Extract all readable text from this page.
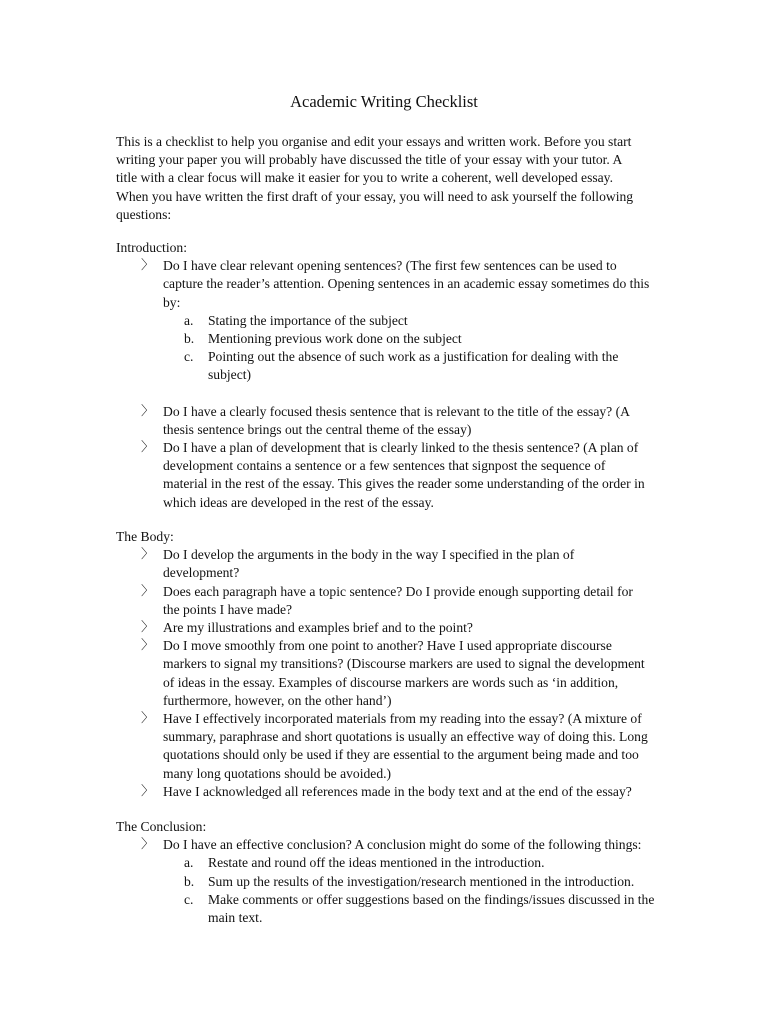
Academic Writing Checklist
This is a checklist to help you organise and edit your essays and written work. Before you start
writing your paper you will probably have discussed the title of your essay with your tutor. A
title with a clear focus will make it easier for you to write a coherent, well developed essay.
When you have written the first draft of your essay, you will need to ask yourself the following
questions:
Introduction:
〉 Do I have clear relevant opening sentences? (The first few sentences can be used to
capture the reader’s attention. Opening sentences in an academic essay sometimes do this
by:
a. Stating the importance of the subject
b. Mentioning previous work done on the subject
c. Pointing out the absence of such work as a justification for dealing with the
subject)
〉 Do I have a clearly focused thesis sentence that is relevant to the title of the essay? (A
thesis sentence brings out the central theme of the essay)
〉 Do I have a plan of development that is clearly linked to the thesis sentence? (A plan of
development contains a sentence or a few sentences that signpost the sequence of
material in the rest of the essay. This gives the reader some understanding of the order in
which ideas are developed in the rest of the essay.
The Body:
〉 Do I develop the arguments in the body in the way I specified in the plan of
development?
〉 Does each paragraph have a topic sentence? Do I provide enough supporting detail for
the points I have made?
〉 Are my illustrations and examples brief and to the point?
〉 Do I move smoothly from one point to another? Have I used appropriate discourse
markers to signal my transitions? (Discourse markers are used to signal the development
of ideas in the essay. Examples of discourse markers are words such as ‘in addition,
furthermore, however, on the other hand’)
〉 Have I effectively incorporated materials from my reading into the essay? (A mixture of
summary, paraphrase and short quotations is usually an effective way of doing this. Long
quotations should only be used if they are essential to the argument being made and too
many long quotations should be avoided.)
〉 Have I acknowledged all references made in the body text and at the end of the essay?
The Conclusion:
〉 Do I have an effective conclusion? A conclusion might do some of the following things:
a. Restate and round off the ideas mentioned in the introduction.
b. Sum up the results of the investigation/research mentioned in the introduction.
c. Make comments or offer suggestions based on the findings/issues discussed in the
main text.
